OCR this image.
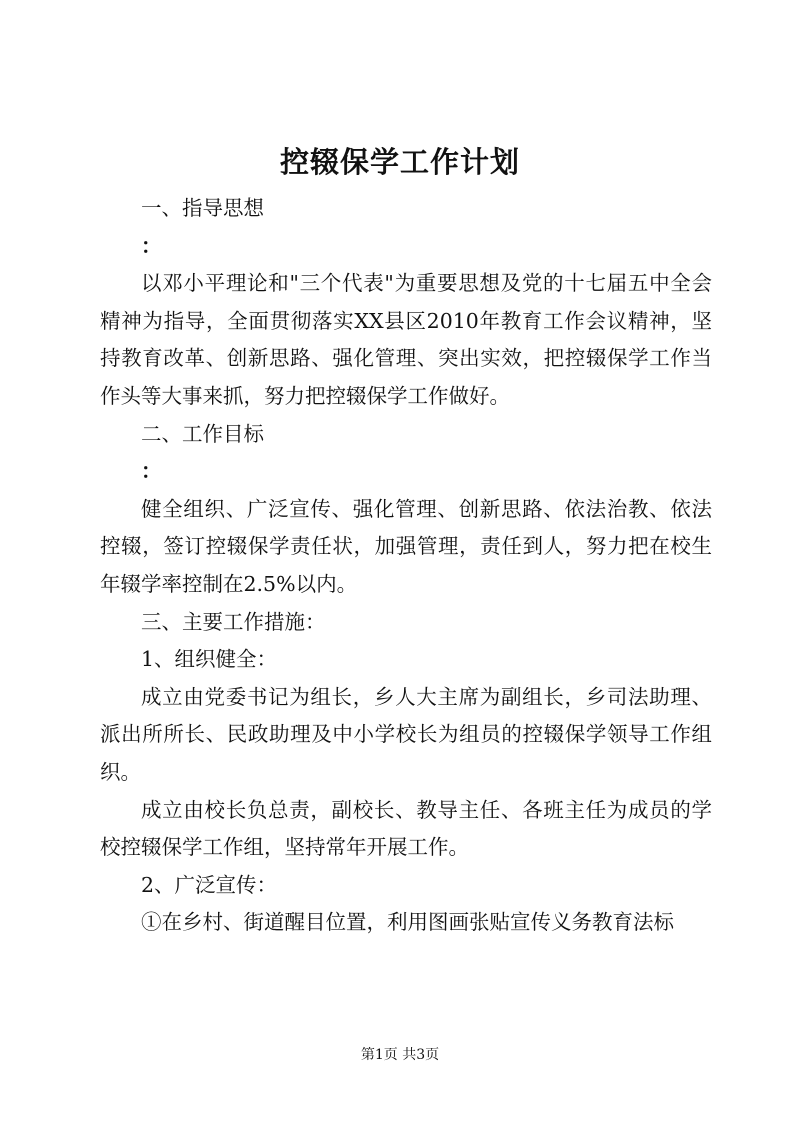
控辍保学工作计划

一、指导思想

：

以邓小平理论和"三个代表"为重要思想及党的十七届五中全会精神为指导，全面贯彻落实XX县区2010年教育工作会议精神，坚持教育改革、创新思路、强化管理、突出实效，把控辍保学工作当作头等大事来抓，努力把控辍保学工作做好。

二、工作目标

：

健全组织、广泛宣传、强化管理、创新思路、依法治教、依法控辍，签订控辍保学责任状，加强管理，责任到人，努力把在校生年辍学率控制在2.5%以内。

三、主要工作措施：

1、组织健全：

成立由党委书记为组长，乡人大主席为副组长，乡司法助理、派出所所长、民政助理及中小学校长为组员的控辍保学领导工作组织。

成立由校长负总责，副校长、教导主任、各班主任为成员的学校控辍保学工作组，坚持常年开展工作。

2、广泛宣传：

①在乡村、街道醒目位置，利用图画张贴宣传义务教育法标

第1页 共3页
